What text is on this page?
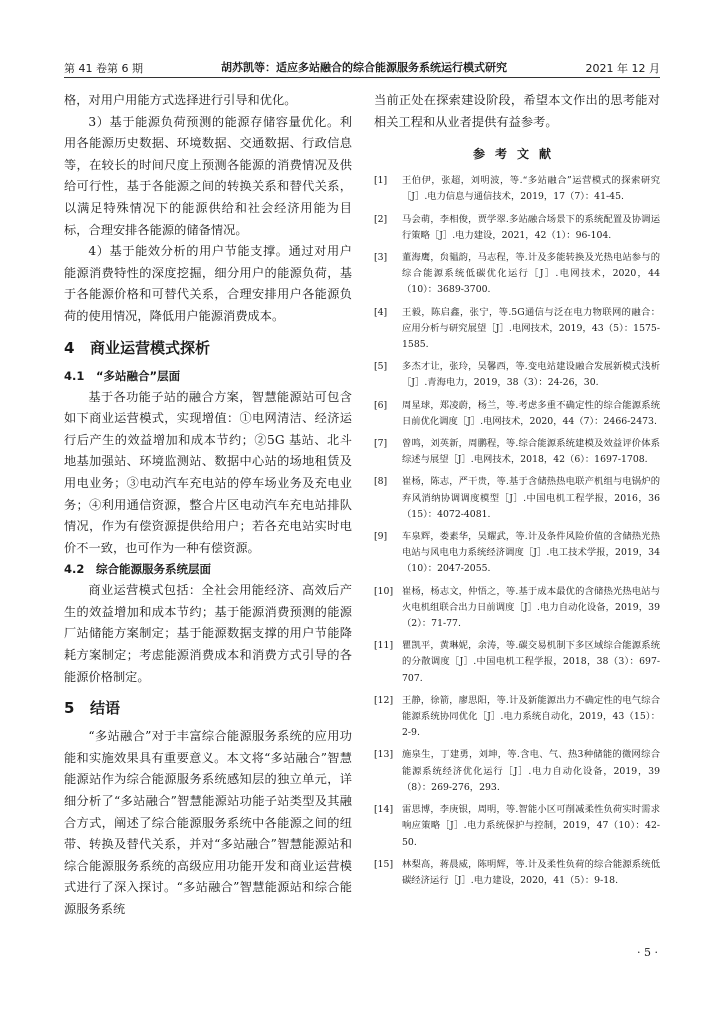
第 41 卷第 6 期	胡苏凯等：适应多站融合的综合能源服务系统运行模式研究	2021 年 12 月

格，对用户用能方式选择进行引导和优化。

3）基于能源负荷预测的能源存储容量优化。利用各能源历史数据、环境数据、交通数据、行政信息等，在较长的时间尺度上预测各能源的消费情况及供给可行性，基于各能源之间的转换关系和替代关系，以满足特殊情况下的能源供给和社会经济用能为目标，合理安排各能源的储备情况。

4）基于能效分析的用户节能支撑。通过对用户能源消费特性的深度挖掘，细分用户的能源负荷，基于各能源价格和可替代关系，合理安排用户各能源负荷的使用情况，降低用户能源消费成本。

4 商业运营模式探析
4.1 “多站融合”层面

基于各功能子站的融合方案，智慧能源站可包含如下商业运营模式，实现增值：①电网清洁、经济运行后产生的效益增加和成本节约；②5G 基站、北斗地基加强站、环境监测站、数据中心站的场地租赁及用电业务；③电动汽车充电站的停车场业务及充电业务；④利用通信资源，整合片区电动汽车充电站排队情况，作为有偿资源提供给用户；若各充电站实时电价不一致，也可作为一种有偿资源。

4.2 综合能源服务系统层面

商业运营模式包括：全社会用能经济、高效后产生的效益增加和成本节约；基于能源消费预测的能源厂站储能方案制定；基于能源数据支撑的用户节能降耗方案制定；考虑能源消费成本和消费方式引导的各能源价格制定。

5 结语

“多站融合”对于丰富综合能源服务系统的应用功能和实施效果具有重要意义。本文将“多站融合”智慧能源站作为综合能源服务系统感知层的独立单元，详细分析了“多站融合”智慧能源站功能子站类型及其融合方式，阐述了综合能源服务系统中各能源之间的纽带、转换及替代关系，并对“多站融合”智慧能源站和综合能源服务系统的高级应用功能开发和商业运营模式进行了深入探讨。“多站融合”智慧能源站和综合能源服务系统

当前正处在探索建设阶段，希望本文作出的思考能对相关工程和从业者提供有益参考。

参考文献
[1] 王伯伊，张超，刘明波，等.“多站融合”运营模式的探索研究［J］.电力信息与通信技术，2019，17（7）：41-45.
[2] 马会萌，李相俊，贾学翠.多站融合场景下的系统配置及协调运行策略［J］.电力建设，2021，42（1）：96-104.
[3] 董海鹰，贠韫韵，马志程，等.计及多能转换及光热电站参与的综合能源系统低碳优化运行［J］.电网技术，2020，44（10）：3689-3700.
[4] 王毅，陈启鑫，张宁，等.5G通信与泛在电力物联网的融合：应用分析与研究展望［J］.电网技术，2019，43（5）：1575-1585.
[5] 多杰才让，张玲，吴馨西，等.变电站建设融合发展新模式浅析［J］.青海电力，2019，38（3）：24-26，30.
[6] 周星球，郑凌蔚，杨兰，等.考虑多重不确定性的综合能源系统日前优化调度［J］.电网技术，2020，44（7）：2466-2473.
[7] 曾鸣，刘英新，周鹏程，等.综合能源系统建模及效益评价体系综述与展望［J］.电网技术，2018，42（6）：1697-1708.
[8] 崔杨，陈志，严干贵，等.基于含储热热电联产机组与电锅炉的弃风消纳协调调度模型［J］.中国电机工程学报，2016，36（15）：4072-4081.
[9] 车泉辉，娄素华，吴耀武，等.计及条件风险价值的含储热光热电站与风电电力系统经济调度［J］.电工技术学报，2019，34（10）：2047-2055.
[10] 崔杨，杨志文，仲悟之，等.基于成本最优的含储热光热电站与火电机组联合出力日前调度［J］.电力自动化设备，2019，39（2）：71-77.
[11] 瞿凯平，黄琳妮，余涛，等.碳交易机制下多区域综合能源系统的分散调度［J］.中国电机工程学报，2018，38（3）：697-707.
[12] 王静，徐箭，廖思阳，等.计及新能源出力不确定性的电气综合能源系统协同优化［J］.电力系统自动化，2019，43（15）：2-9.
[13] 施泉生，丁建勇，刘坤，等.含电、气、热3种储能的微网综合能源系统经济优化运行［J］.电力自动化设备，2019，39（8）：269-276，293.
[14] 雷思博，李庚银，周明，等.智能小区可削减柔性负荷实时需求响应策略［J］.电力系统保护与控制，2019，47（10）：42-50.
[15] 林梨高，蒋晨威，陈明辉，等.计及柔性负荷的综合能源系统低碳经济运行［J］.电力建设，2020，41（5）：9-18.
· 5 ·
